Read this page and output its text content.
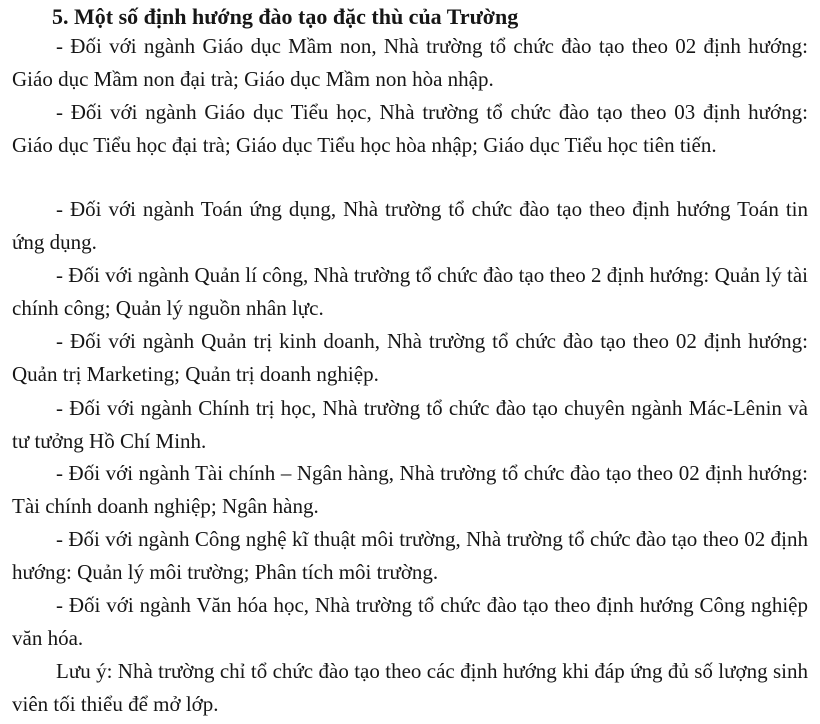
5. Một số định hướng đào tạo đặc thù của Trường

- Đối với ngành Giáo dục Mầm non, Nhà trường tổ chức đào tạo theo 02 định hướng: Giáo dục Mầm non đại trà; Giáo dục Mầm non hòa nhập.

- Đối với ngành Giáo dục Tiểu học, Nhà trường tổ chức đào tạo theo 03 định hướng: Giáo dục Tiểu học đại trà; Giáo dục Tiểu học hòa nhập; Giáo dục Tiểu học tiên tiến.

- Đối với ngành Toán ứng dụng, Nhà trường tổ chức đào tạo theo định hướng Toán tin ứng dụng.

- Đối với ngành Quản lí công, Nhà trường tổ chức đào tạo theo 2 định hướng: Quản lý tài chính công; Quản lý nguồn nhân lực.

- Đối với ngành Quản trị kinh doanh, Nhà trường tổ chức đào tạo theo 02 định hướng: Quản trị Marketing; Quản trị doanh nghiệp.

- Đối với ngành Chính trị học, Nhà trường tổ chức đào tạo chuyên ngành Mác-Lênin và tư tưởng Hồ Chí Minh.

- Đối với ngành Tài chính – Ngân hàng, Nhà trường tổ chức đào tạo theo 02 định hướng: Tài chính doanh nghiệp; Ngân hàng.

- Đối với ngành Công nghệ kĩ thuật môi trường, Nhà trường tổ chức đào tạo theo 02 định hướng: Quản lý môi trường; Phân tích môi trường.

- Đối với ngành Văn hóa học, Nhà trường tổ chức đào tạo theo định hướng Công nghiệp văn hóa.

Lưu ý: Nhà trường chỉ tổ chức đào tạo theo các định hướng khi đáp ứng đủ số lượng sinh viên tối thiểu để mở lớp.
